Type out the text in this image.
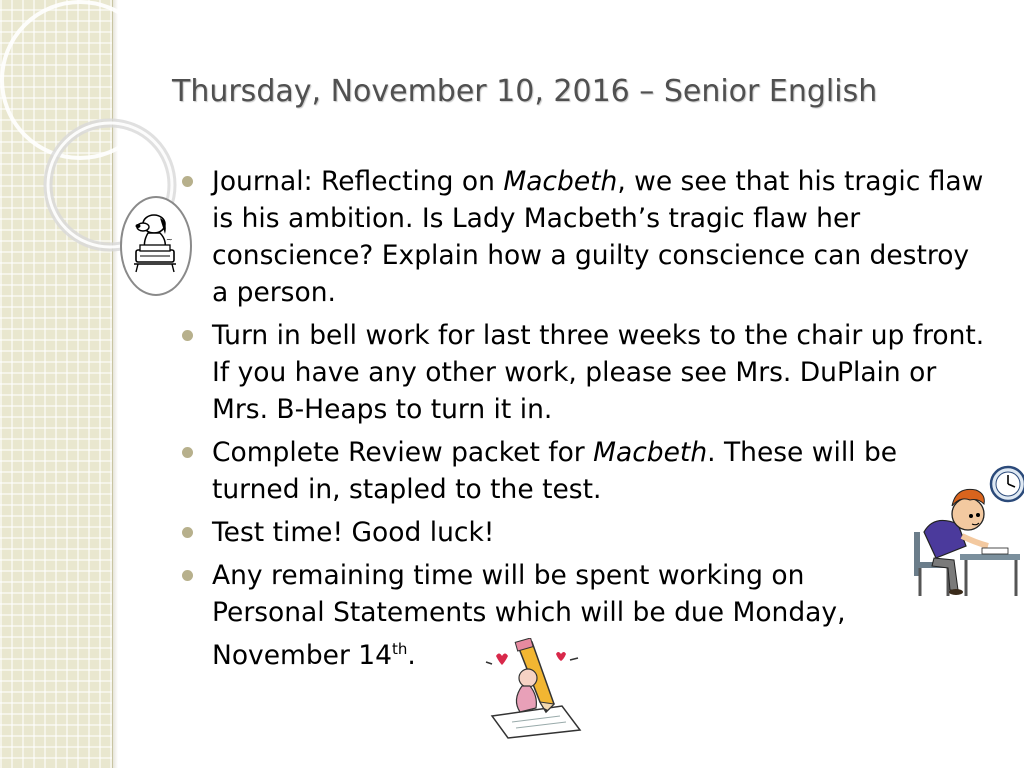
~
Thursday, November 10, 2016 – Senior English
Journal: Reflecting on Macbeth, we see that his tragic flaw is his ambition. Is Lady Macbeth’s tragic flaw her conscience? Explain how a guilty conscience can destroy a person.
Turn in bell work for last three weeks to the chair up front. If you have any other work, please see Mrs. DuPlain or Mrs. B-Heaps to turn it in.
Complete Review packet for Macbeth. These will be turned in, stapled to the test.
Test time! Good luck!
Any remaining time will be spent working on Personal Statements which will be due Monday, November 14th.
